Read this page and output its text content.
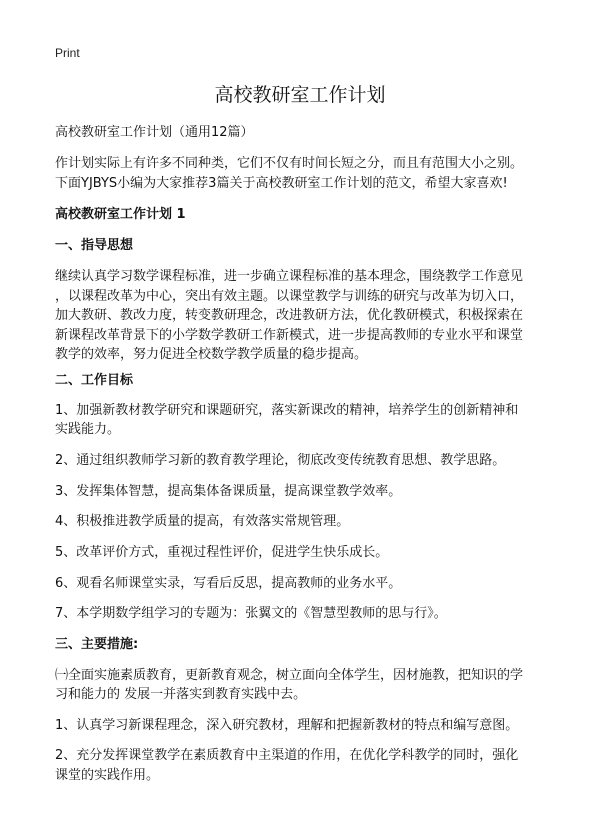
Print
高校教研室工作计划
高校教研室工作计划（通用12篇）
作计划实际上有许多不同种类，它们不仅有时间长短之分，而且有范围大小之别。
下面YJBYS小编为大家推荐3篇关于高校教研室工作计划的范文，希望大家喜欢!
高校教研室工作计划 1
一、指导思想
继续认真学习数学课程标准，进一步确立课程标准的基本理念，围绕教学工作意见
，以课程改革为中心，突出有效主题。以课堂教学与训练的研究与改革为切入口，
加大教研、教改力度，转变教研理念，改进教研方法，优化教研模式，积极探索在
新课程改革背景下的小学数学教研工作新模式，进一步提高教师的专业水平和课堂
教学的效率，努力促进全校数学教学质量的稳步提高。
二、工作目标
1、加强新教材教学研究和课题研究，落实新课改的精神，培养学生的创新精神和
实践能力。
2、通过组织教师学习新的教育教学理论，彻底改变传统教育思想、教学思路。
3、发挥集体智慧，提高集体备课质量，提高课堂教学效率。
4、积极推进教学质量的提高，有效落实常规管理。
5、改革评价方式，重视过程性评价，促进学生快乐成长。
6、观看名师课堂实录，写看后反思，提高教师的业务水平。
7、本学期数学组学习的专题为：张翼文的《智慧型教师的思与行》。
三、主要措施:
㈠全面实施素质教育，更新教育观念，树立面向全体学生，因材施教，把知识的学
习和能力的 发展一并落实到教育实践中去。
1、认真学习新课程理念，深入研究教材，理解和把握新教材的特点和编写意图。
2、充分发挥课堂教学在素质教育中主渠道的作用，在优化学科教学的同时，强化
课堂的实践作用。
